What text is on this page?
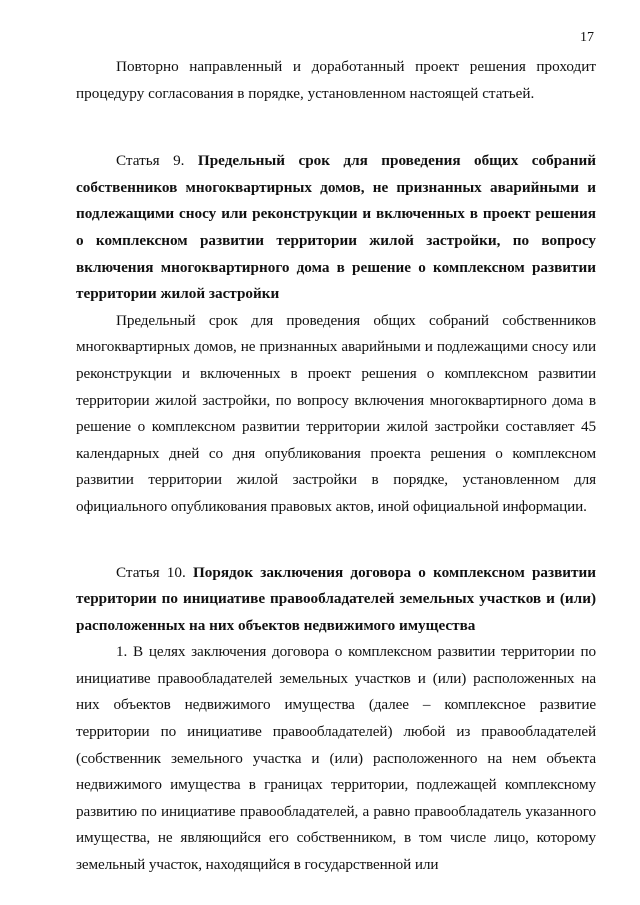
17

Повторно направленный и доработанный проект решения проходит процедуру согласования в порядке, установленном настоящей статьей.

Статья 9. Предельный срок для проведения общих собраний собственников многоквартирных домов, не признанных аварийными и подлежащими сносу или реконструкции и включенных в проект решения о комплексном развитии территории жилой застройки, по вопросу включения многоквартирного дома в решение о комплексном развитии территории жилой застройки

Предельный срок для проведения общих собраний собственников многоквартирных домов, не признанных аварийными и подлежащими сносу или реконструкции и включенных в проект решения о комплексном развитии территории жилой застройки, по вопросу включения многоквартирного дома в решение о комплексном развитии территории жилой застройки составляет 45 календарных дней со дня опубликования проекта решения о комплексном развитии территории жилой застройки в порядке, установленном для официального опубликования правовых актов, иной официальной информации.

Статья 10. Порядок заключения договора о комплексном развитии территории по инициативе правообладателей земельных участков и (или) расположенных на них объектов недвижимого имущества

1. В целях заключения договора о комплексном развитии территории по инициативе правообладателей земельных участков и (или) расположенных на них объектов недвижимого имущества (далее – комплексное развитие территории по инициативе правообладателей) любой из правообладателей (собственник земельного участка и (или) расположенного на нем объекта недвижимого имущества в границах территории, подлежащей комплексному развитию по инициативе правообладателей, а равно правообладатель указанного имущества, не являющийся его собственником, в том числе лицо, которому земельный участок, находящийся в государственной или
